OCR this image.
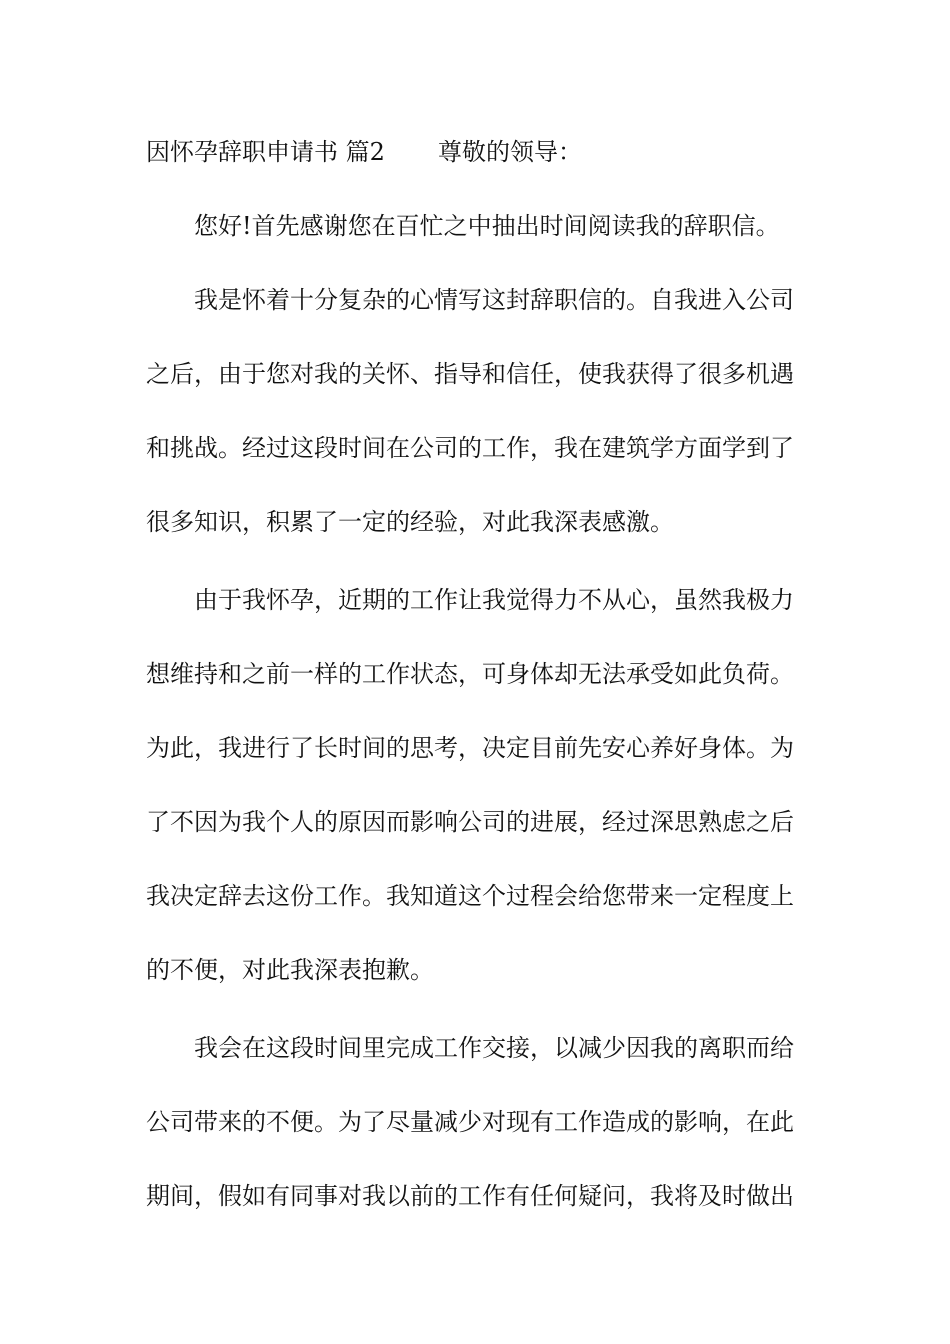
因怀孕辞职申请书 篇2 尊敬的领导：
您好!首先感谢您在百忙之中抽出时间阅读我的辞职信。
我是怀着十分复杂的心情写这封辞职信的。自我进入公司
之后，由于您对我的关怀、指导和信任，使我获得了很多机遇
和挑战。经过这段时间在公司的工作，我在建筑学方面学到了
很多知识，积累了一定的经验，对此我深表感激。
由于我怀孕，近期的工作让我觉得力不从心，虽然我极力
想维持和之前一样的工作状态，可身体却无法承受如此负荷。
为此，我进行了长时间的思考，决定目前先安心养好身体。为
了不因为我个人的原因而影响公司的进展，经过深思熟虑之后
我决定辞去这份工作。我知道这个过程会给您带来一定程度上
的不便，对此我深表抱歉。
我会在这段时间里完成工作交接，以减少因我的离职而给
公司带来的不便。为了尽量减少对现有工作造成的影响，在此
期间，假如有同事对我以前的工作有任何疑问，我将及时做出
